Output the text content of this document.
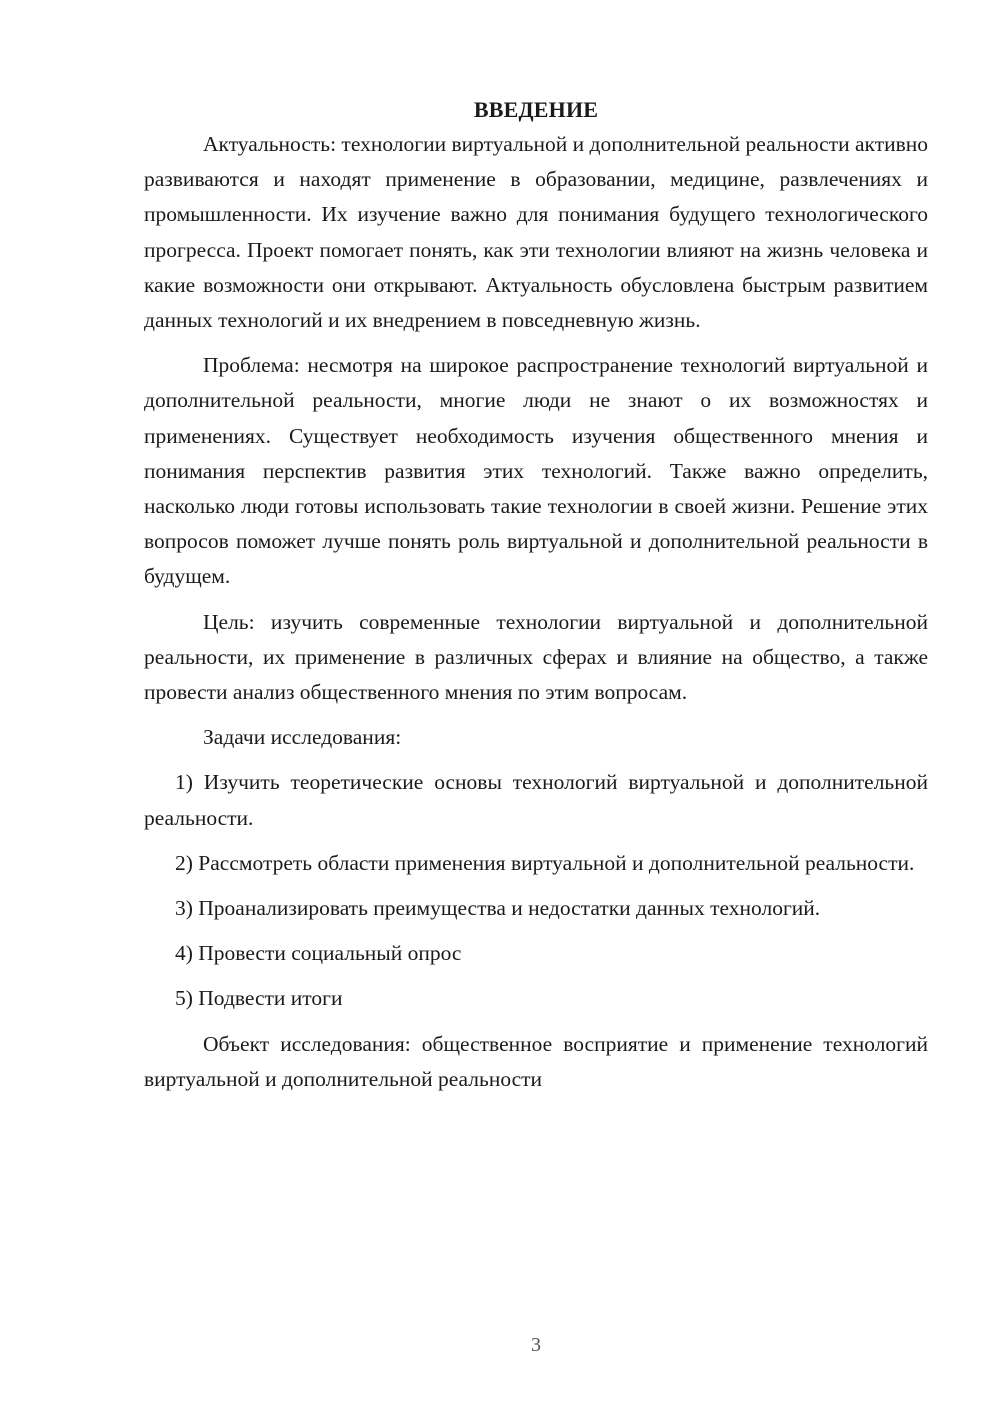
ВВЕДЕНИЕ

Актуальность: технологии виртуальной и дополнительной реальности активно развиваются и находят применение в образовании, медицине, развлечениях и промышленности. Их изучение важно для понимания будущего технологического прогресса. Проект помогает понять, как эти технологии влияют на жизнь человека и какие возможности они открывают. Актуальность обусловлена быстрым развитием данных технологий и их внедрением в повседневную жизнь.

Проблема: несмотря на широкое распространение технологий виртуальной и дополнительной реальности, многие люди не знают о их возможностях и применениях. Существует необходимость изучения общественного мнения и понимания перспектив развития этих технологий. Также важно определить, насколько люди готовы использовать такие технологии в своей жизни. Решение этих вопросов поможет лучше понять роль виртуальной и дополнительной реальности в будущем.

Цель: изучить современные технологии виртуальной и дополнительной реальности, их применение в различных сферах и влияние на общество, а также провести анализ общественного мнения по этим вопросам.

Задачи исследования:

1) Изучить теоретические основы технологий виртуальной и дополнительной реальности.

2) Рассмотреть области применения виртуальной и дополнительной реальности.

3) Проанализировать преимущества и недостатки данных технологий.

4) Провести социальный опрос

5) Подвести итоги

Объект исследования: общественное восприятие и применение технологий виртуальной и дополнительной реальности

3
